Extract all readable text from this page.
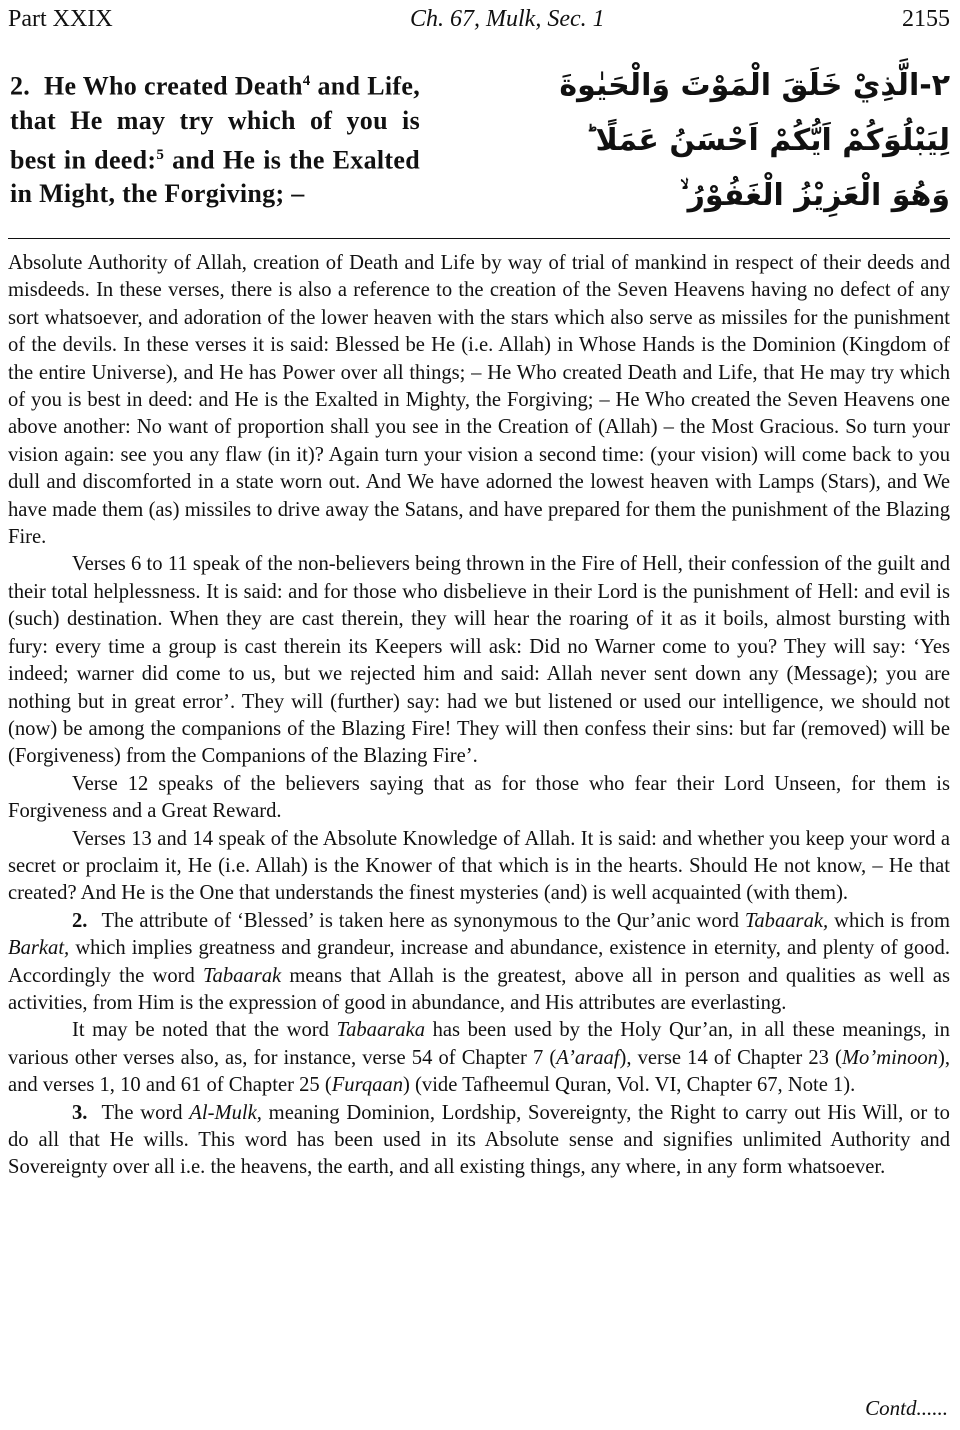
Part XXIX	Ch. 67, Mulk, Sec. 1	2155
2. He Who created Death$^4$ and Life, that He may try which of you is best in deed:$^5$ and He is the Exalted in Might, the Forgiving; –
٢-الَّذِيْ خَلَقَ الْمَوْتَ وَالْحَيٰوةَ
لِيَبْلُوَكُمْ اَيُّكُمْ اَحْسَنُ عَمَلًا ؕ
وَهُوَ الْعَزِيْزُ الْغَفُوْرُ ۙ

Absolute Authority of Allah, creation of Death and Life by way of trial of mankind in respect of their deeds and misdeeds. In these verses, there is also a reference to the creation of the Seven Heavens having no defect of any sort whatsoever, and adoration of the lower heaven with the stars which also serve as missiles for the punishment of the devils. In these verses it is said: Blessed be He (i.e. Allah) in Whose Hands is the Dominion (Kingdom of the entire Universe), and He has Power over all things; – He Who created Death and Life, that He may try which of you is best in deed: and He is the Exalted in Mighty, the Forgiving; – He Who created the Seven Heavens one above another: No want of proportion shall you see in the Creation of (Allah) – the Most Gracious. So turn your vision again: see you any flaw (in it)? Again turn your vision a second time: (your vision) will come back to you dull and discomforted in a state worn out. And We have adorned the lowest heaven with Lamps (Stars), and We have made them (as) missiles to drive away the Satans, and have prepared for them the punishment of the Blazing Fire.

Verses 6 to 11 speak of the non-believers being thrown in the Fire of Hell, their confession of the guilt and their total helplessness. It is said: and for those who disbelieve in their Lord is the punishment of Hell: and evil is (such) destination. When they are cast therein, they will hear the roaring of it as it boils, almost bursting with fury: every time a group is cast therein its Keepers will ask: Did no Warner come to you? They will say: ‘Yes indeed; warner did come to us, but we rejected him and said: Allah never sent down any (Message); you are nothing but in great error’. They will (further) say: had we but listened or used our intelligence, we should not (now) be among the companions of the Blazing Fire! They will then confess their sins: but far (removed) will be (Forgiveness) from the Companions of the Blazing Fire’.

Verse 12 speaks of the believers saying that as for those who fear their Lord Unseen, for them is Forgiveness and a Great Reward.

Verses 13 and 14 speak of the Absolute Knowledge of Allah. It is said: and whether you keep your word a secret or proclaim it, He (i.e. Allah) is the Knower of that which is in the hearts. Should He not know, – He that created? And He is the One that understands the finest mysteries (and) is well acquainted (with them).

2. The attribute of ‘Blessed’ is taken here as synonymous to the Qur’anic word Tabaarak, which is from Barkat, which implies greatness and grandeur, increase and abundance, existence in eternity, and plenty of good. Accordingly the word Tabaarak means that Allah is the greatest, above all in person and qualities as well as activities, from Him is the expression of good in abundance, and His attributes are everlasting.

It may be noted that the word Tabaaraka has been used by the Holy Qur’an, in all these meanings, in various other verses also, as, for instance, verse 54 of Chapter 7 (A’araaf), verse 14 of Chapter 23 (Mo’minoon), and verses 1, 10 and 61 of Chapter 25 (Furqaan) (vide Tafheemul Quran, Vol. VI, Chapter 67, Note 1).

3. The word Al-Mulk, meaning Dominion, Lordship, Sovereignty, the Right to carry out His Will, or to do all that He wills. This word has been used in its Absolute sense and signifies unlimited Authority and Sovereignty over all i.e. the heavens, the earth, and all existing things, any where, in any form whatsoever.

Contd......
